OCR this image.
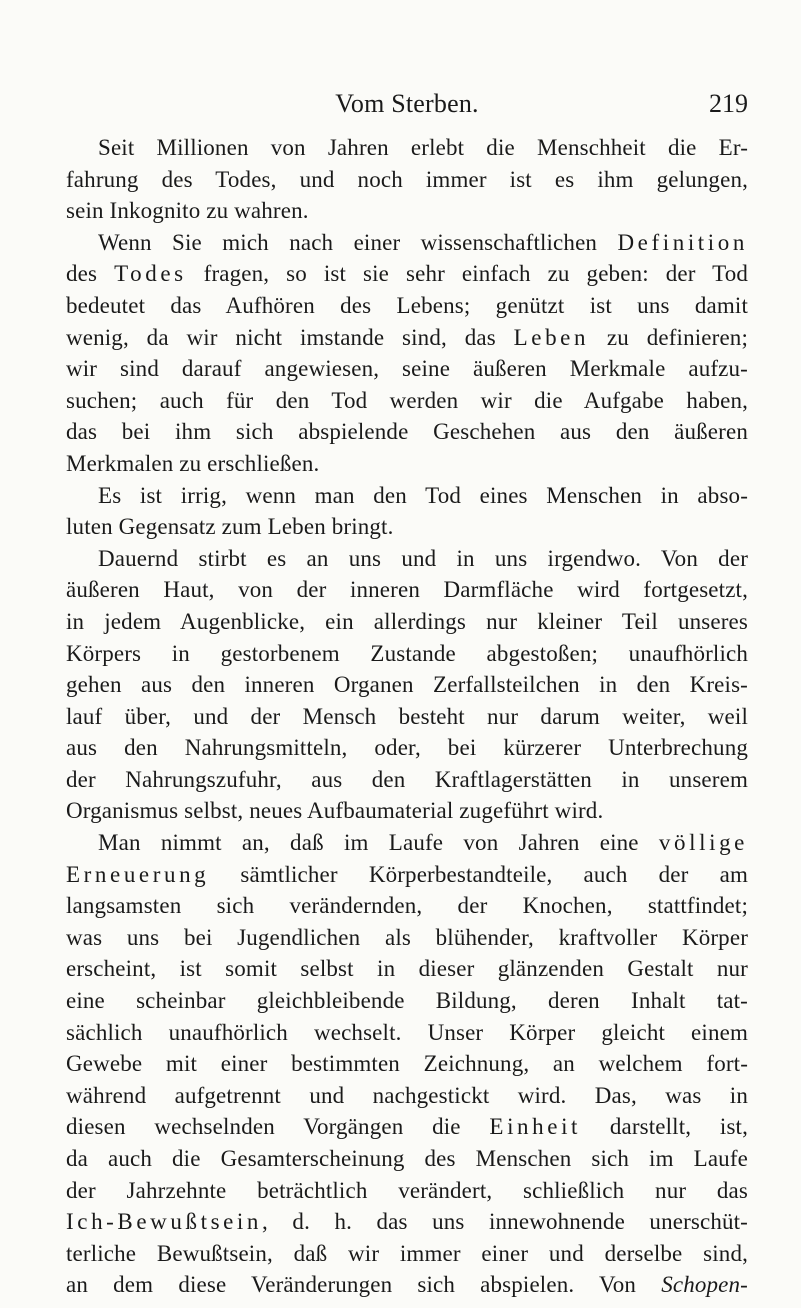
Vom Sterben.	219
Seit Millionen von Jahren erlebt die Menschheit die Er-
fahrung des Todes, und noch immer ist es ihm gelungen,
sein Inkognito zu wahren.
Wenn Sie mich nach einer wissenschaftlichen Definition
des Todes fragen, so ist sie sehr einfach zu geben: der Tod
bedeutet das Aufhören des Lebens; genützt ist uns damit
wenig, da wir nicht imstande sind, das Leben zu definieren;
wir sind darauf angewiesen, seine äußeren Merkmale aufzu-
suchen; auch für den Tod werden wir die Aufgabe haben,
das bei ihm sich abspielende Geschehen aus den äußeren
Merkmalen zu erschließen.
Es ist irrig, wenn man den Tod eines Menschen in abso-
luten Gegensatz zum Leben bringt.
Dauernd stirbt es an uns und in uns irgendwo. Von der
äußeren Haut, von der inneren Darmfläche wird fortgesetzt,
in jedem Augenblicke, ein allerdings nur kleiner Teil unseres
Körpers in gestorbenem Zustande abgestoßen; unaufhörlich
gehen aus den inneren Organen Zerfallsteilchen in den Kreis-
lauf über, und der Mensch besteht nur darum weiter, weil
aus den Nahrungsmitteln, oder, bei kürzerer Unterbrechung
der Nahrungszufuhr, aus den Kraftlagerstätten in unserem
Organismus selbst, neues Aufbaumaterial zugeführt wird.
Man nimmt an, daß im Laufe von Jahren eine völlige
Erneuerung sämtlicher Körperbestandteile, auch der am
langsamsten sich verändernden, der Knochen, stattfindet;
was uns bei Jugendlichen als blühender, kraftvoller Körper
erscheint, ist somit selbst in dieser glänzenden Gestalt nur
eine scheinbar gleichbleibende Bildung, deren Inhalt tat-
sächlich unaufhörlich wechselt. Unser Körper gleicht einem
Gewebe mit einer bestimmten Zeichnung, an welchem fort-
während aufgetrennt und nachgestickt wird. Das, was in
diesen wechselnden Vorgängen die Einheit darstellt, ist,
da auch die Gesamterscheinung des Menschen sich im Laufe
der Jahrzehnte beträchtlich verändert, schließlich nur das
Ich-Bewußtsein, d. h. das uns innewohnende unerschüt-
terliche Bewußtsein, daß wir immer einer und derselbe sind,
an dem diese Veränderungen sich abspielen. Von Schopen-
